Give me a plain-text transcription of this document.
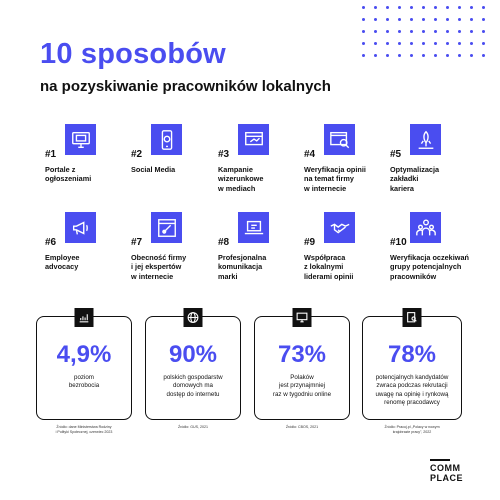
10 sposobów
na pozyskiwanie pracowników lokalnych
#1
Portale z
ogłoszeniami
#2
Social Media
#3
Kampanie
wizerunkowe
w mediach
#4
Weryfikacja opinii
na temat firmy
w internecie
#5
Optymalizacja
zakładki
kariera
#6
Employee
advocacy
#7
Obecność firmy
i jej ekspertów
w internecie
#8
Profesjonalna
komunikacja
marki
#9
Współpraca
z lokalnymi
liderami opinii
#10
Weryfikacja oczekiwań
grupy potencjalnych
pracowników
4,9%
poziom
bezrobocia
Źródło: dane Ministerstwa Rodziny
i Polityki Społecznej, czerwiec 2023
90%
polskich gospodarstw
domowych ma
dostęp do internetu
Źródło: GUS, 2021
73%
Polaków
jest przynajmniej
raz w tygodniu online
Źródło: CBOS, 2021
78%
potencjalnych kandydatów
zwraca podczas rekrutacji
uwagę na opinię i rynkową
renomę pracodawcy
Źródło: Pracuj.pl „Polacy w nowym
krajobrazie pracy”, 2022
COMM
PLACE
